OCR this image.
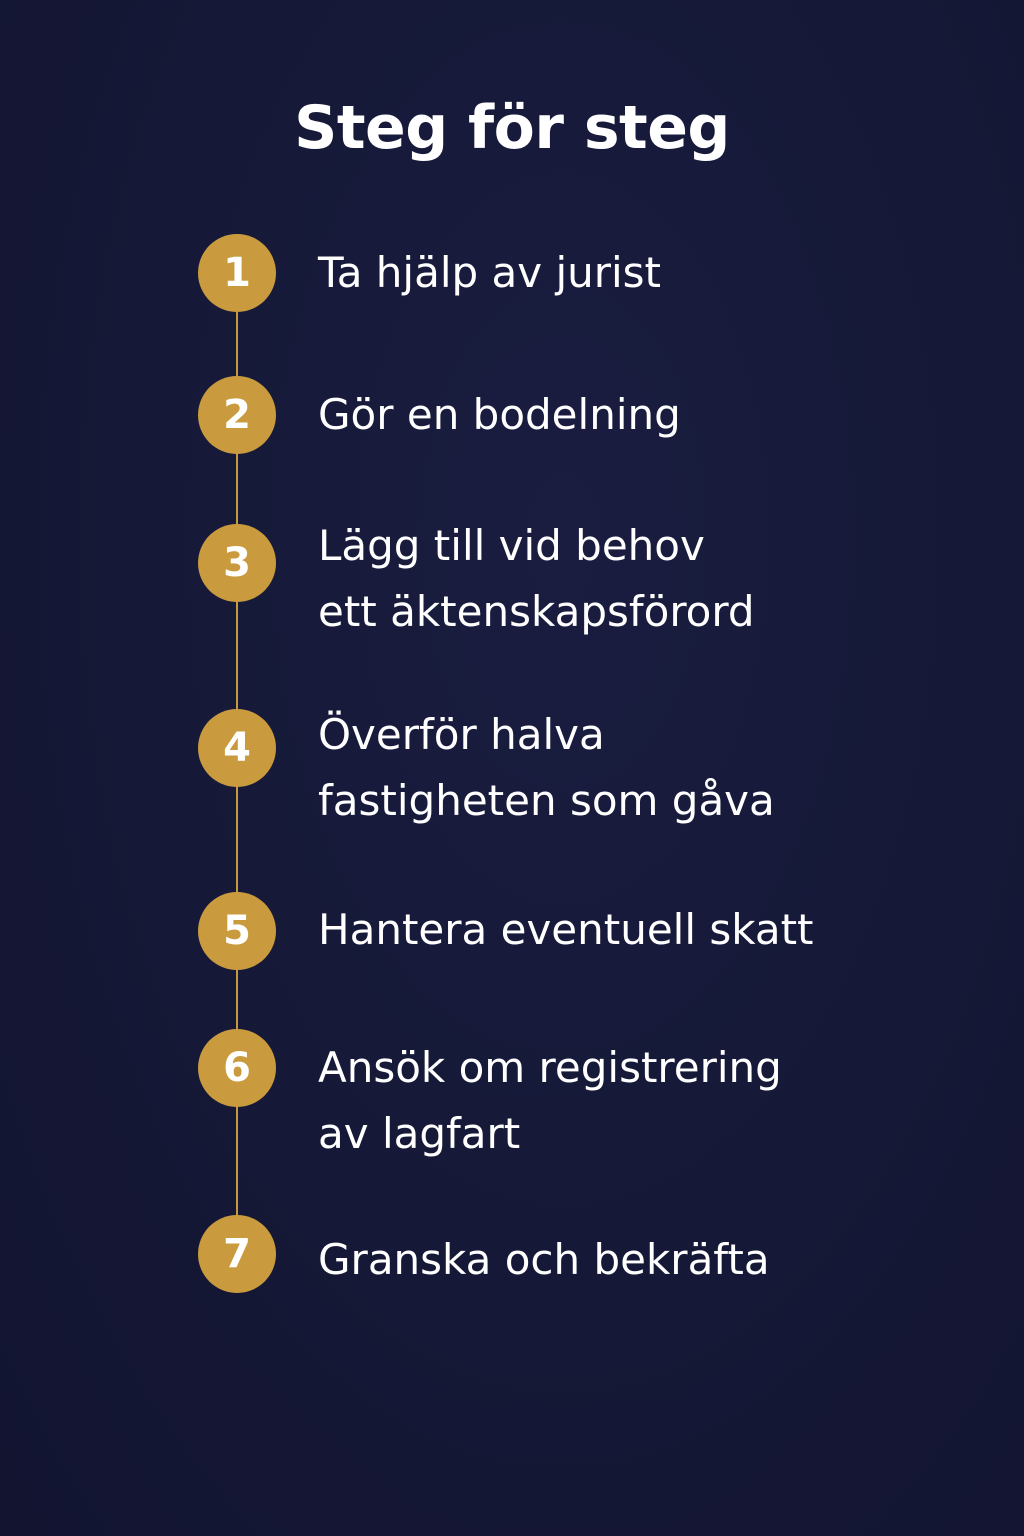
Steg för steg
1 Ta hjälp av jurist
2 Gör en bodelning
3 Lägg till vid behov
ett äktenskapsförord
4 Överför halva
fastigheten som gåva
5 Hantera eventuell skatt
6 Ansök om registrering
av lagfart
7 Granska och bekräfta
